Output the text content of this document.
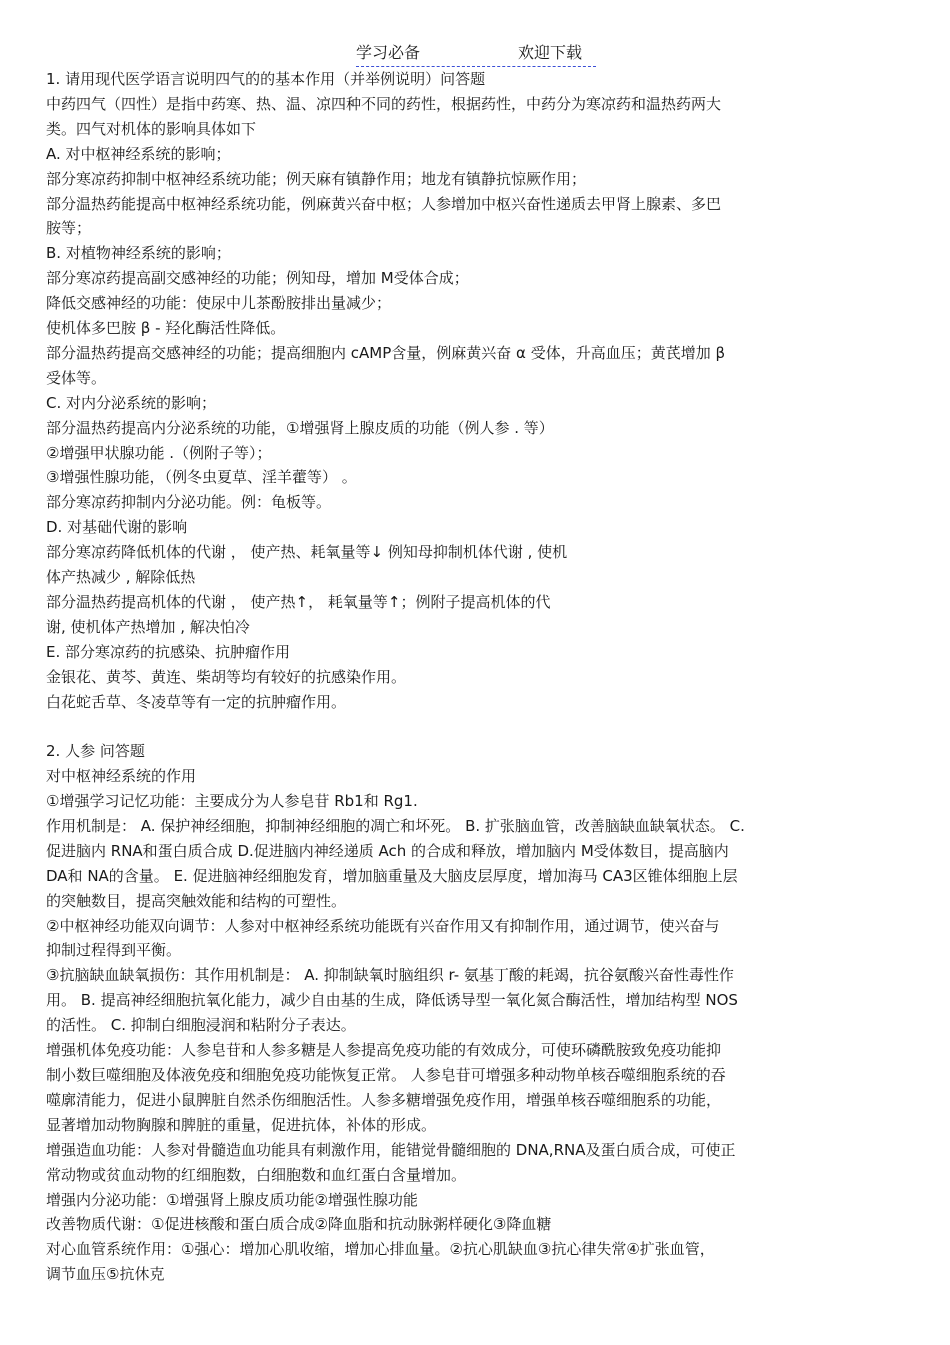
学习必备	欢迎下载
1. 请用现代医学语言说明四气的的基本作用（并举例说明）问答题
中药四气（四性）是指中药寒、热、温、凉四种不同的药性，根据药性，中药分为寒凉药和温热药两大
类。四气对机体的影响具体如下
A. 对中枢神经系统的影响；
部分寒凉药抑制中枢神经系统功能；例天麻有镇静作用；地龙有镇静抗惊厥作用；
部分温热药能提高中枢神经系统功能，例麻黄兴奋中枢；人参增加中枢兴奋性递质去甲肾上腺素、多巴
胺等；
B. 对植物神经系统的影响；
部分寒凉药提高副交感神经的功能；例知母，增加 M受体合成；
降低交感神经的功能：使尿中儿茶酚胺排出量减少；
使机体多巴胺 β - 羟化酶活性降低。
部分温热药提高交感神经的功能；提高细胞内 cAMP含量，例麻黄兴奋 α 受体，升高血压；黄芪增加 β
受体等。
C. 对内分泌系统的影响；
部分温热药提高内分泌系统的功能，①增强肾上腺皮质的功能（例人参 . 等）
②增强甲状腺功能 .（例附子等）；
③增强性腺功能，（例冬虫夏草、淫羊藿等） 。
部分寒凉药抑制内分泌功能。例：龟板等。
D. 对基础代谢的影响
部分寒凉药降低机体的代谢 ， 使产热、耗氧量等↓ 例知母抑制机体代谢 , 使机
体产热减少 , 解除低热
部分温热药提高机体的代谢 ， 使产热↑， 耗氧量等↑；例附子提高机体的代
谢, 使机体产热增加 , 解决怕冷
E. 部分寒凉药的抗感染、抗肿瘤作用
金银花、黄芩、黄连、柴胡等均有较好的抗感染作用。
白花蛇舌草、冬凌草等有一定的抗肿瘤作用。
2. 人参 问答题
对中枢神经系统的作用
①增强学习记忆功能：主要成分为人参皂苷 Rb1和 Rg1.
作用机制是： A. 保护神经细胞，抑制神经细胞的凋亡和坏死。 B. 扩张脑血管，改善脑缺血缺氧状态。 C.
促进脑内 RNA和蛋白质合成 D.促进脑内神经递质 Ach 的合成和释放，增加脑内 M受体数目，提高脑内
DA和 NA的含量。 E. 促进脑神经细胞发育，增加脑重量及大脑皮层厚度，增加海马 CA3区锥体细胞上层
的突触数目，提高突触效能和结构的可塑性。
②中枢神经功能双向调节：人参对中枢神经系统功能既有兴奋作用又有抑制作用，通过调节，使兴奋与
抑制过程得到平衡。
③抗脑缺血缺氧损伤：其作用机制是： A. 抑制缺氧时脑组织 r- 氨基丁酸的耗竭，抗谷氨酸兴奋性毒性作
用。 B. 提高神经细胞抗氧化能力，减少自由基的生成，降低诱导型一氧化氮合酶活性，增加结构型 NOS
的活性。 C. 抑制白细胞浸润和粘附分子表达。
增强机体免疫功能：人参皂苷和人参多糖是人参提高免疫功能的有效成分，可使环磷酰胺致免疫功能抑
制小数巨噬细胞及体液免疫和细胞免疫功能恢复正常。 人参皂苷可增强多种动物单核吞噬细胞系统的吞
噬廓清能力，促进小鼠脾脏自然杀伤细胞活性。人参多糖增强免疫作用，增强单核吞噬细胞系的功能，
显著增加动物胸腺和脾脏的重量，促进抗体，补体的形成。
增强造血功能：人参对骨髓造血功能具有刺激作用，能错觉骨髓细胞的 DNA,RNA及蛋白质合成，可使正
常动物或贫血动物的红细胞数，白细胞数和血红蛋白含量增加。
增强内分泌功能：①增强肾上腺皮质功能②增强性腺功能
改善物质代谢：①促进核酸和蛋白质合成②降血脂和抗动脉粥样硬化③降血糖
对心血管系统作用：①强心：增加心肌收缩，增加心排血量。②抗心肌缺血③抗心律失常④扩张血管，
调节血压⑤抗休克
